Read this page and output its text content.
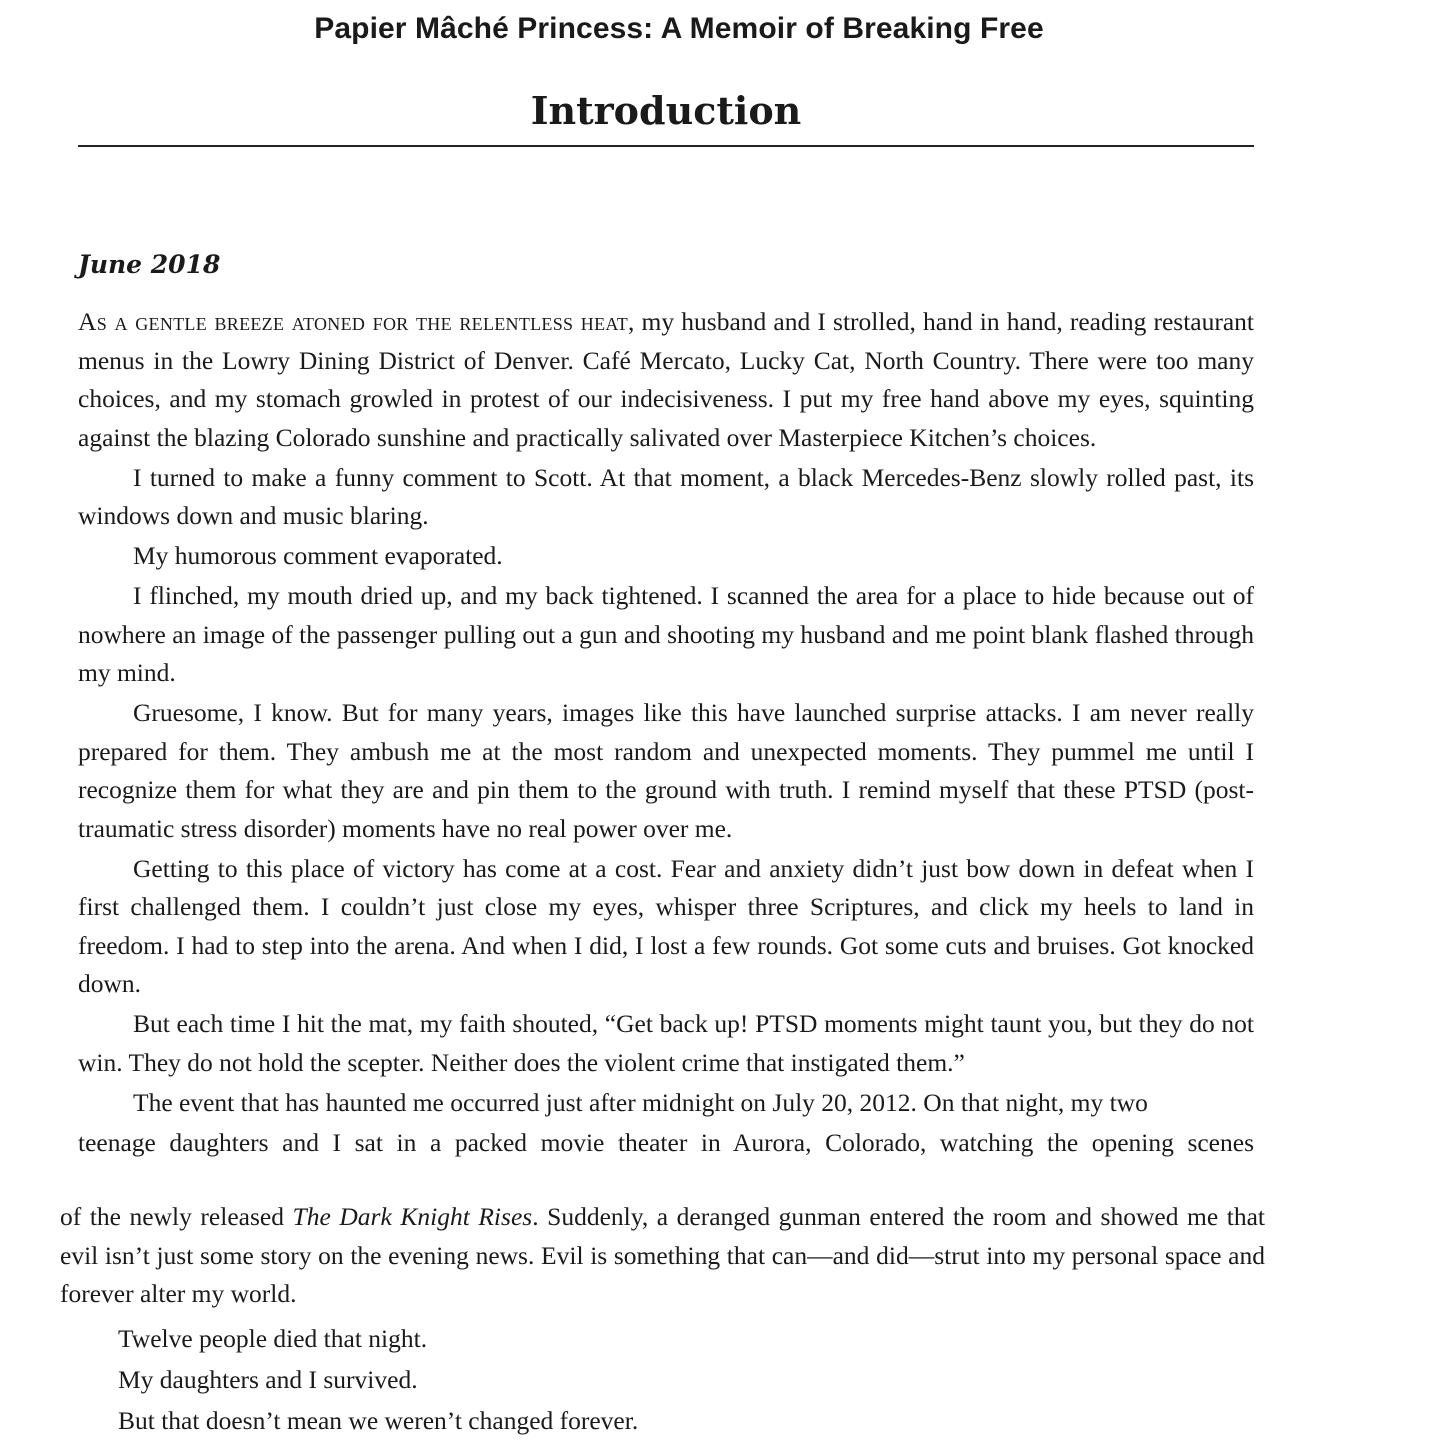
Papier Mâché Princess: A Memoir of Breaking Free
Introduction
June 2018

As a gentle breeze atoned for the relentless heat, my husband and I strolled, hand in hand, reading restaurant menus in the Lowry Dining District of Denver. Café Mercato, Lucky Cat, North Country. There were too many choices, and my stomach growled in protest of our indecisiveness. I put my free hand above my eyes, squinting against the blazing Colorado sunshine and practically salivated over Masterpiece Kitchen’s choices.

I turned to make a funny comment to Scott. At that moment, a black Mercedes-Benz slowly rolled past, its windows down and music blaring.

My humorous comment evaporated.

I flinched, my mouth dried up, and my back tightened. I scanned the area for a place to hide because out of nowhere an image of the passenger pulling out a gun and shooting my husband and me point blank flashed through my mind.

Gruesome, I know. But for many years, images like this have launched surprise attacks. I am never really prepared for them. They ambush me at the most random and unexpected moments. They pummel me until I recognize them for what they are and pin them to the ground with truth. I remind myself that these PTSD (post-traumatic stress disorder) moments have no real power over me.

Getting to this place of victory has come at a cost. Fear and anxiety didn’t just bow down in defeat when I first challenged them. I couldn’t just close my eyes, whisper three Scriptures, and click my heels to land in freedom. I had to step into the arena. And when I did, I lost a few rounds. Got some cuts and bruises. Got knocked down.

But each time I hit the mat, my faith shouted, “Get back up! PTSD moments might taunt you, but they do not win. They do not hold the scepter. Neither does the violent crime that instigated them.”

The event that has haunted me occurred just after midnight on July 20, 2012. On that night, my two

teenage daughters and I sat in a packed movie theater in Aurora, Colorado, watching the opening scenes

of the newly released The Dark Knight Rises. Suddenly, a deranged gunman entered the room and showed me that evil isn’t just some story on the evening news. Evil is something that can—and did—strut into my personal space and forever alter my world.

Twelve people died that night.
My daughters and I survived.
But that doesn’t mean we weren’t changed forever.
